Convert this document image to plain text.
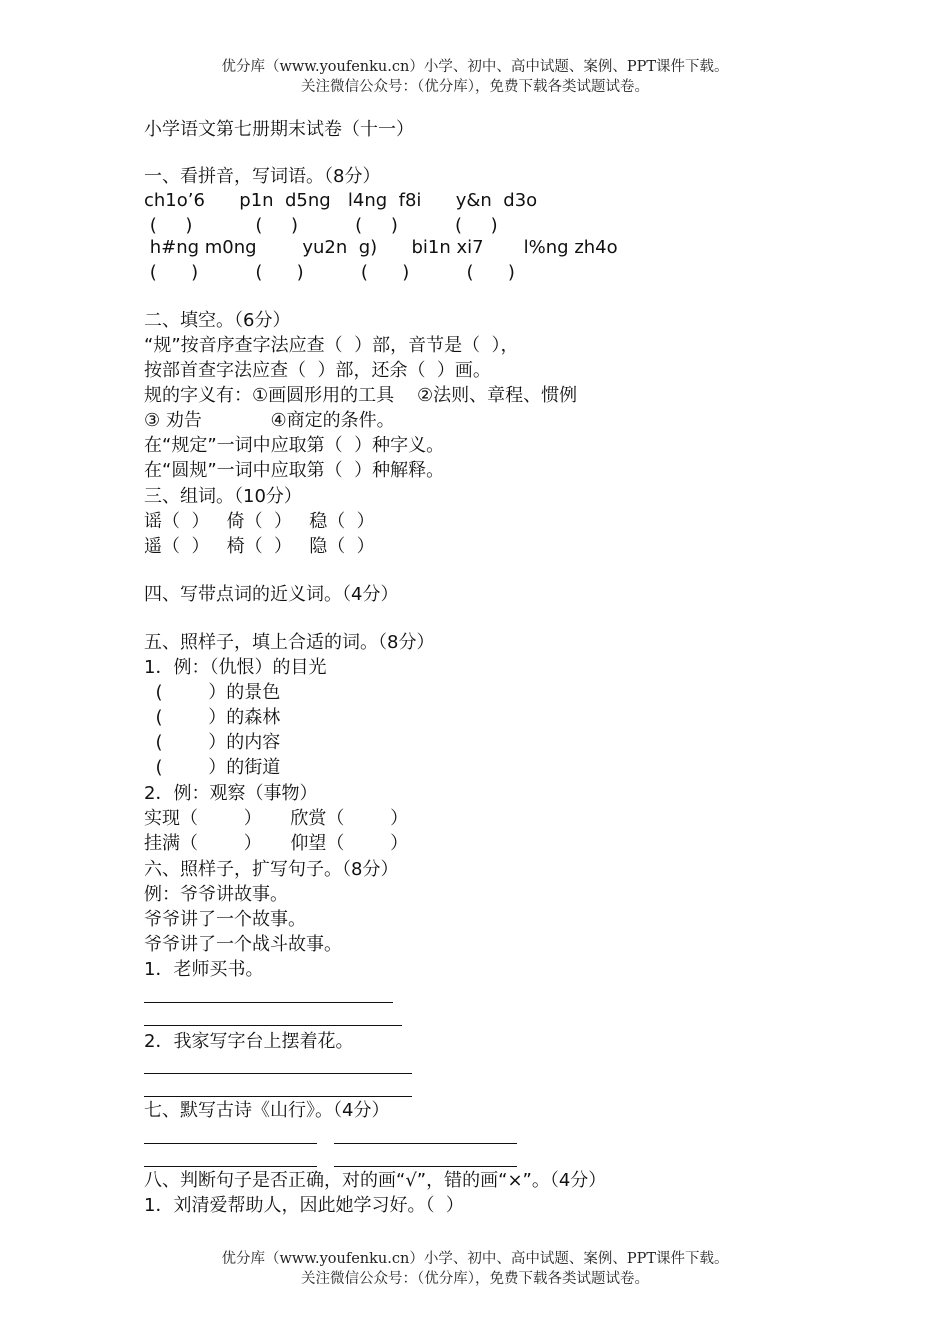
优分库（www.youfenku.cn）小学、初中、高中试题、案例、PPT课件下载。
关注微信公众号：（优分库），免费下载各类试题试卷。
小学语文第七册期末试卷（十一）
一、看拼音，写词语。（8分）
ch1o’6      p1n  d5ng   l4ng  f8i      y&n  d3o
(     )           (     )          (     )          (     )
h#ng m0ng        yu2n  g)      bi1n xi7       l%ng zh4o
(      )          (      )          (      )          (      )
二、填空。（6分）
“规”按音序查字法应查（  ）部，音节是（  ），
按部首查字法应查（  ）部，还余（  ）画。
规的字义有：①画圆形用的工具    ②法则、章程、惯例
③ 劝告            ④商定的条件。
在“规定”一词中应取第（  ）种字义。
在“圆规”一词中应取第（  ）种解释。
三、组词。（10分）
谣（  ）   倚（  ）   稳（  ）
遥（  ）   椅（  ）   隐（  ）
四、写带点词的近义词。（4分）
五、照样子，填上合适的词。（8分）
1．例：（仇恨）的目光
(        ）的景色
(        ）的森林
(        ）的内容
(        ）的街道
2．例：观察（事物）
实现（        ）     欣赏（        ）
挂满（        ）     仰望（        ）
六、照样子，扩写句子。（8分）
例：爷爷讲故事。
爷爷讲了一个故事。
爷爷讲了一个战斗故事。
1．老师买书。
2．我家写字台上摆着花。
七、默写古诗《山行》。（4分）
八、判断句子是否正确，对的画“√”，错的画“×”。（4分）
1．刘清爱帮助人，因此她学习好。（  ）
优分库（www.youfenku.cn）小学、初中、高中试题、案例、PPT课件下载。
关注微信公众号：（优分库），免费下载各类试题试卷。
